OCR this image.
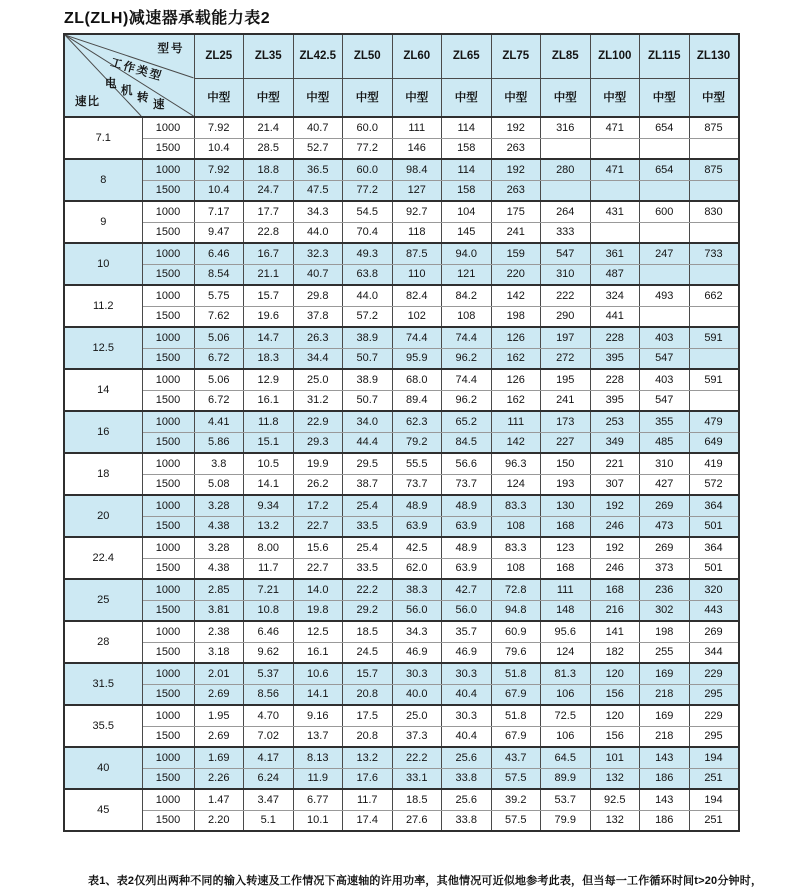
ZL(ZLH)减速器承载能力表2
型号
工作类型
电
机
转
速
速比
	ZL25	ZL35	ZL42.5	ZL50	ZL60	ZL65	ZL75	ZL85	ZL100	ZL115	ZL130
		中型	中型	中型	中型	中型	中型	中型	中型	中型	中型	中型
7.1	1000	7.92	21.4	40.7	60.0	111	114	192	316	471	654	875
	1500	10.4	28.5	52.7	77.2	146	158	263				
8	1000	7.92	18.8	36.5	60.0	98.4	114	192	280	471	654	875
	1500	10.4	24.7	47.5	77.2	127	158	263				
9	1000	7.17	17.7	34.3	54.5	92.7	104	175	264	431	600	830
	1500	9.47	22.8	44.0	70.4	118	145	241	333			
10	1000	6.46	16.7	32.3	49.3	87.5	94.0	159	547	361	247	733
	1500	8.54	21.1	40.7	63.8	110	121	220	310	487		
11.2	1000	5.75	15.7	29.8	44.0	82.4	84.2	142	222	324	493	662
	1500	7.62	19.6	37.8	57.2	102	108	198	290	441		
12.5	1000	5.06	14.7	26.3	38.9	74.4	74.4	126	197	228	403	591
	1500	6.72	18.3	34.4	50.7	95.9	96.2	162	272	395	547	
14	1000	5.06	12.9	25.0	38.9	68.0	74.4	126	195	228	403	591
	1500	6.72	16.1	31.2	50.7	89.4	96.2	162	241	395	547	
16	1000	4.41	11.8	22.9	34.0	62.3	65.2	111	173	253	355	479
	1500	5.86	15.1	29.3	44.4	79.2	84.5	142	227	349	485	649
18	1000	3.8	10.5	19.9	29.5	55.5	56.6	96.3	150	221	310	419
	1500	5.08	14.1	26.2	38.7	73.7	73.7	124	193	307	427	572
20	1000	3.28	9.34	17.2	25.4	48.9	48.9	83.3	130	192	269	364
	1500	4.38	13.2	22.7	33.5	63.9	63.9	108	168	246	473	501
22.4	1000	3.28	8.00	15.6	25.4	42.5	48.9	83.3	123	192	269	364
	1500	4.38	11.7	22.7	33.5	62.0	63.9	108	168	246	373	501
25	1000	2.85	7.21	14.0	22.2	38.3	42.7	72.8	111	168	236	320
	1500	3.81	10.8	19.8	29.2	56.0	56.0	94.8	148	216	302	443
28	1000	2.38	6.46	12.5	18.5	34.3	35.7	60.9	95.6	141	198	269
	1500	3.18	9.62	16.1	24.5	46.9	46.9	79.6	124	182	255	344
31.5	1000	2.01	5.37	10.6	15.7	30.3	30.3	51.8	81.3	120	169	229
	1500	2.69	8.56	14.1	20.8	40.0	40.4	67.9	106	156	218	295
35.5	1000	1.95	4.70	9.16	17.5	25.0	30.3	51.8	72.5	120	169	229
	1500	2.69	7.02	13.7	20.8	37.3	40.4	67.9	106	156	218	295
40	1000	1.69	4.17	8.13	13.2	22.2	25.6	43.7	64.5	101	143	194
	1500	2.26	6.24	11.9	17.6	33.1	33.8	57.5	89.9	132	186	251
45	1000	1.47	3.47	6.77	11.7	18.5	25.6	39.2	53.7	92.5	143	194
	1500	2.20	5.1	10.1	17.4	27.6	33.8	57.5	79.9	132	186	251

表1、表2仅列出两种不同的输入转速及工作情况下高速轴的许用功率，其他情况可近似地参考此表，但当每一工作循环时间t>20分钟时，
